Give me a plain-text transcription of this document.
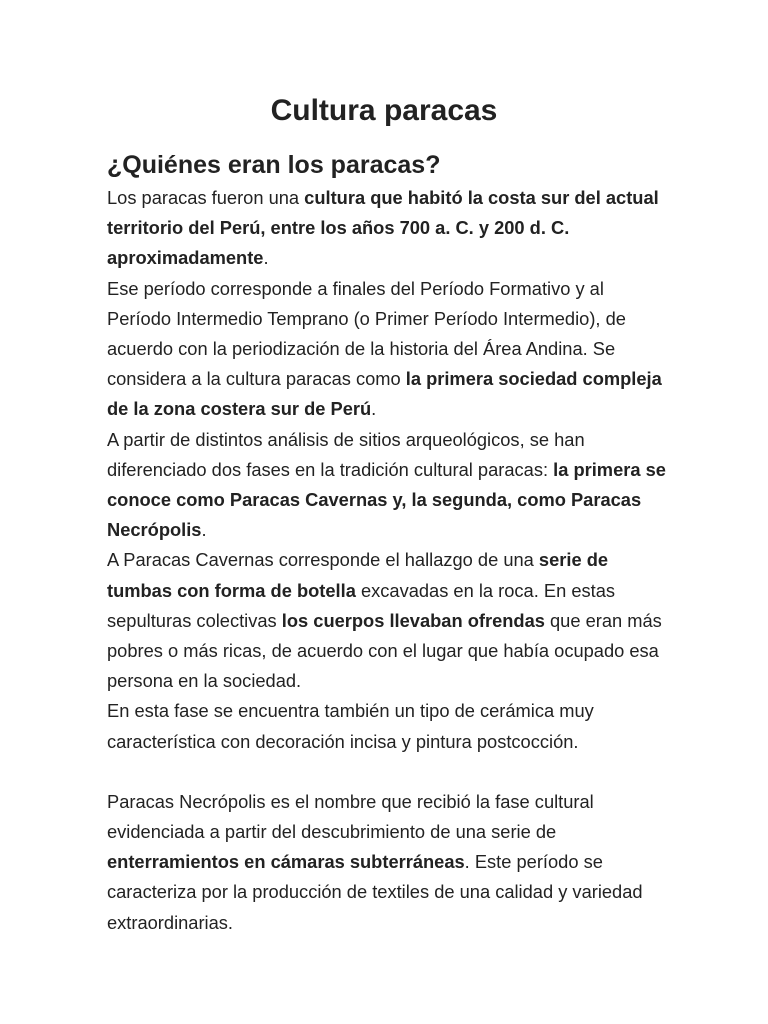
Cultura paracas
¿Quiénes eran los paracas?

Los paracas fueron una cultura que habitó la costa sur del actual territorio del Perú, entre los años 700 a. C. y 200 d. C. aproximadamente.

Ese período corresponde a finales del Período Formativo y al Período Intermedio Temprano (o Primer Período Intermedio), de acuerdo con la periodización de la historia del Área Andina. Se considera a la cultura paracas como la primera sociedad compleja de la zona costera sur de Perú.

A partir de distintos análisis de sitios arqueológicos, se han diferenciado dos fases en la tradición cultural paracas: la primera se conoce como Paracas Cavernas y, la segunda, como Paracas Necrópolis.

A Paracas Cavernas corresponde el hallazgo de una serie de tumbas con forma de botella excavadas en la roca. En estas sepulturas colectivas los cuerpos llevaban ofrendas que eran más pobres o más ricas, de acuerdo con el lugar que había ocupado esa persona en la sociedad.

En esta fase se encuentra también un tipo de cerámica muy característica con decoración incisa y pintura postcocción.

Paracas Necrópolis es el nombre que recibió la fase cultural evidenciada a partir del descubrimiento de una serie de enterramientos en cámaras subterráneas. Este período se caracteriza por la producción de textiles de una calidad y variedad extraordinarias.
